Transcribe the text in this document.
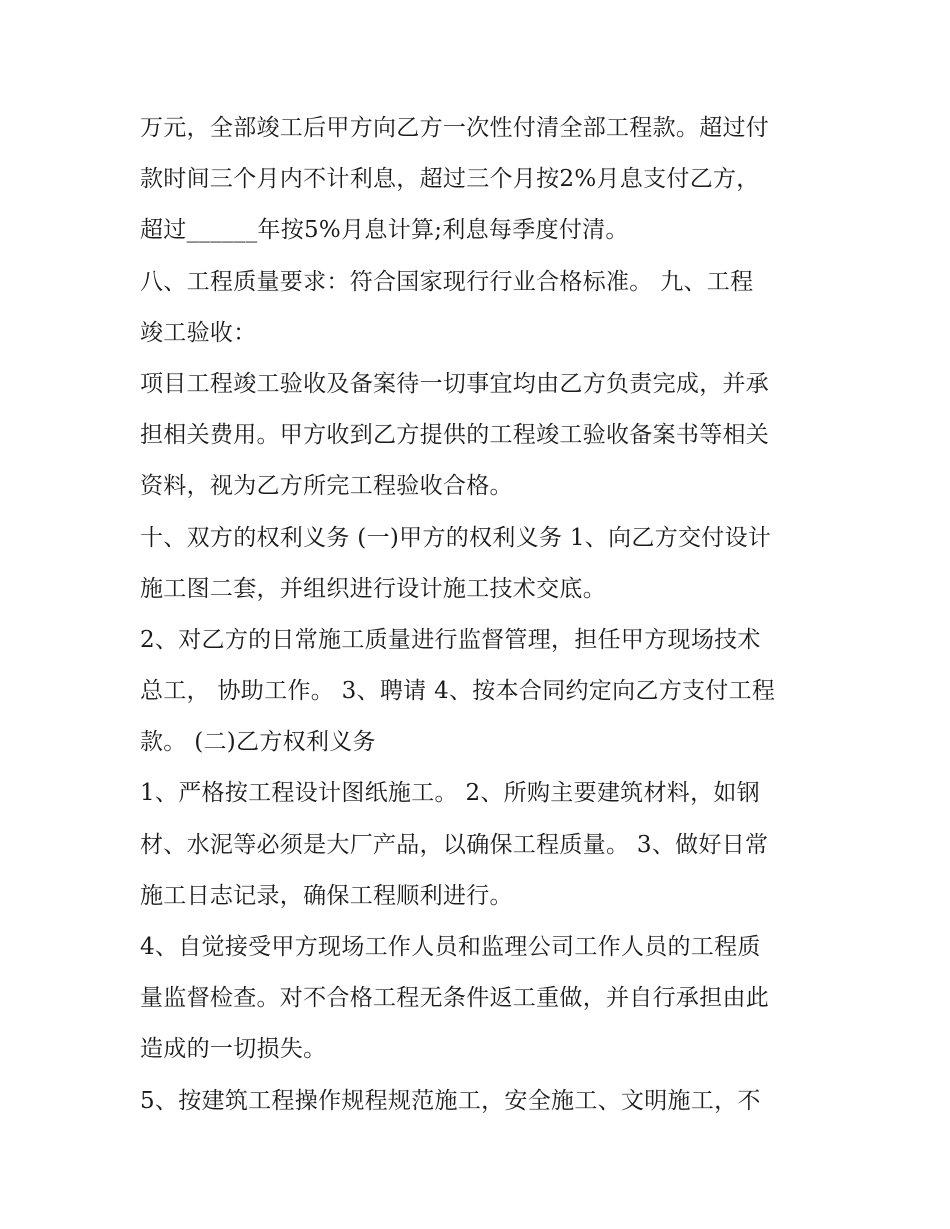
万元，全部竣工后甲方向乙方一次性付清全部工程款。超过付
款时间三个月内不计利息，超过三个月按2%月息支付乙方，
超过______年按5%月息计算;利息每季度付清。
八、工程质量要求：符合国家现行行业合格标准。 九、工程
竣工验收：
项目工程竣工验收及备案待一切事宜均由乙方负责完成，并承
担相关费用。甲方收到乙方提供的工程竣工验收备案书等相关
资料，视为乙方所完工程验收合格。
十、双方的权利义务 (一)甲方的权利义务 1、向乙方交付设计
施工图二套，并组织进行设计施工技术交底。
2、对乙方的日常施工质量进行监督管理，担任甲方现场技术
总工， 协助工作。 3、聘请 4、按本合同约定向乙方支付工程
款。 (二)乙方权利义务
1、严格按工程设计图纸施工。 2、所购主要建筑材料，如钢
材、水泥等必须是大厂产品，以确保工程质量。 3、做好日常
施工日志记录，确保工程顺利进行。
4、自觉接受甲方现场工作人员和监理公司工作人员的工程质
量监督检查。对不合格工程无条件返工重做，并自行承担由此
造成的一切损失。
5、按建筑工程操作规程规范施工，安全施工、文明施工，不
